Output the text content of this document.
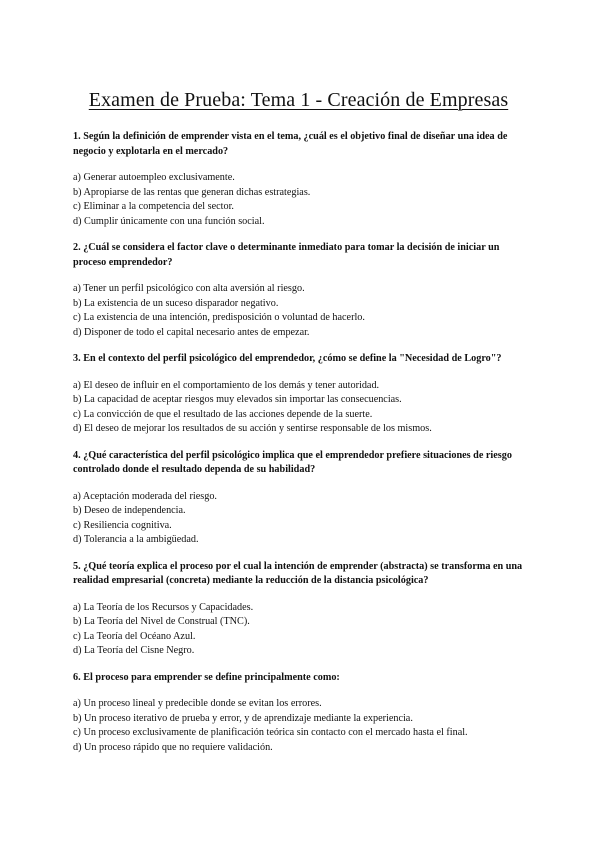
Examen de Prueba: Tema 1 - Creación de Empresas

1. Según la definición de emprender vista en el tema, ¿cuál es el objetivo final de diseñar una idea de negocio y explotarla en el mercado?

a) Generar autoempleo exclusivamente.
b) Apropiarse de las rentas que generan dichas estrategias.
c) Eliminar a la competencia del sector.
d) Cumplir únicamente con una función social.

2. ¿Cuál se considera el factor clave o determinante inmediato para tomar la decisión de iniciar un proceso emprendedor?

a) Tener un perfil psicológico con alta aversión al riesgo.
b) La existencia de un suceso disparador negativo.
c) La existencia de una intención, predisposición o voluntad de hacerlo.
d) Disponer de todo el capital necesario antes de empezar.

3. En el contexto del perfil psicológico del emprendedor, ¿cómo se define la "Necesidad de Logro"?

a) El deseo de influir en el comportamiento de los demás y tener autoridad.
b) La capacidad de aceptar riesgos muy elevados sin importar las consecuencias.
c) La convicción de que el resultado de las acciones depende de la suerte.
d) El deseo de mejorar los resultados de su acción y sentirse responsable de los mismos.

4. ¿Qué característica del perfil psicológico implica que el emprendedor prefiere situaciones de riesgo controlado donde el resultado dependa de su habilidad?

a) Aceptación moderada del riesgo.
b) Deseo de independencia.
c) Resiliencia cognitiva.
d) Tolerancia a la ambigüedad.

5. ¿Qué teoría explica el proceso por el cual la intención de emprender (abstracta) se transforma en una realidad empresarial (concreta) mediante la reducción de la distancia psicológica?

a) La Teoría de los Recursos y Capacidades.
b) La Teoría del Nivel de Construal (TNC).
c) La Teoría del Océano Azul.
d) La Teoría del Cisne Negro.

6. El proceso para emprender se define principalmente como:

a) Un proceso lineal y predecible donde se evitan los errores.
b) Un proceso iterativo de prueba y error, y de aprendizaje mediante la experiencia.
c) Un proceso exclusivamente de planificación teórica sin contacto con el mercado hasta el final.
d) Un proceso rápido que no requiere validación.
